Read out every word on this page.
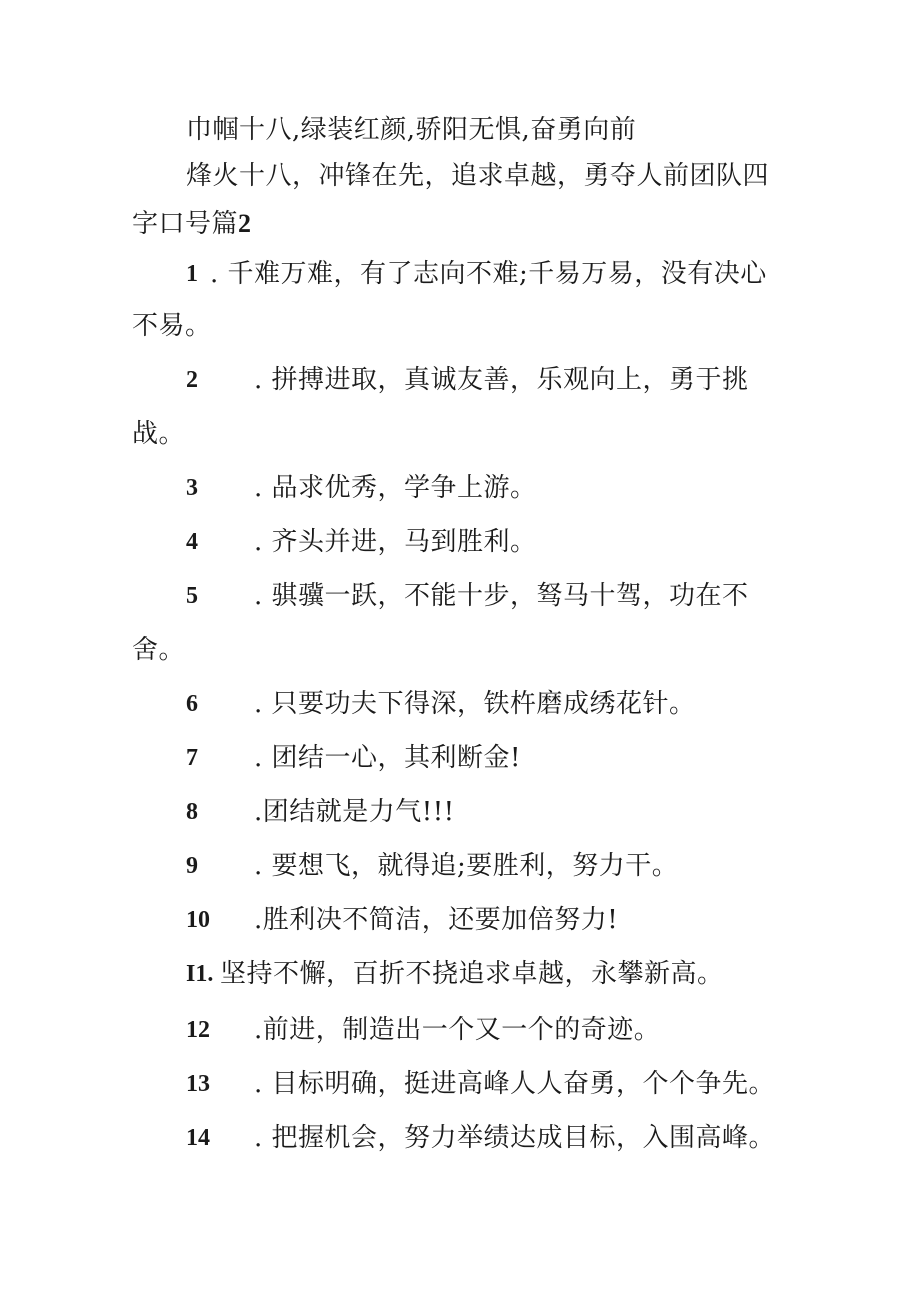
巾帼十八,绿装红颜,骄阳无惧,奋勇向前
烽火十八，冲锋在先，追求卓越，勇夺人前团队四
字口号篇2
1 . 千难万难，有了志向不难;千易万易，没有决心
不易。
2 . 拼搏进取，真诚友善，乐观向上，勇于挑
战。
3 . 品求优秀，学争上游。
4 . 齐头并进，马到胜利。
5 . 骐骥一跃，不能十步，驽马十驾，功在不
舍。
6 . 只要功夫下得深，铁杵磨成绣花针。
7 . 团结一心，其利断金!
8 .团结就是力气!!!
9 . 要想飞，就得追;要胜利，努力干。
10 .胜利决不简洁，还要加倍努力!
I1. 坚持不懈，百折不挠追求卓越，永攀新高。
12 .前进，制造出一个又一个的奇迹。
13 . 目标明确，挺进高峰人人奋勇，个个争先。
14 . 把握机会，努力举绩达成目标，入围高峰。
